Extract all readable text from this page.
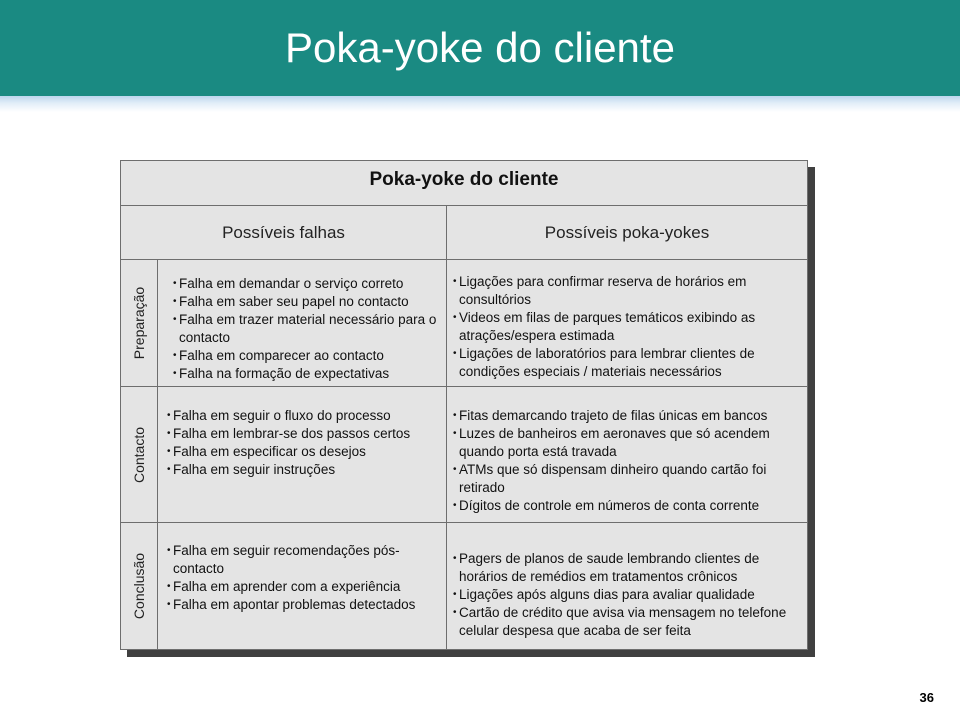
Poka-yoke do cliente
Poka-yoke do cliente
Possíveis falhas	Possíveis poka-yokes
Preparação
• Falha em demandar o serviço correto
• Falha em saber seu papel no contacto
• Falha em trazer material necessário para o contacto
• Falha em comparecer ao contacto
• Falha na formação de expectativas
• Ligações para confirmar reserva de horários em consultórios
• Videos em filas de parques temáticos exibindo as atrações/espera estimada
• Ligações de laboratórios para lembrar clientes de condições especiais / materiais necessários
Contacto
• Falha em seguir o fluxo do processo
• Falha em lembrar-se dos passos certos
• Falha em especificar os desejos
• Falha em seguir instruções
• Fitas demarcando trajeto de filas únicas em bancos
• Luzes de banheiros em aeronaves que só acendem quando porta está travada
• ATMs que só dispensam dinheiro quando cartão foi retirado
• Dígitos de controle em números de conta corrente
Conclusão
• Falha em seguir recomendações pós-contacto
• Falha em aprender com a experiência
• Falha em apontar problemas detectados
• Pagers de planos de saude lembrando clientes de horários de remédios em tratamentos crônicos
• Ligações após alguns dias para avaliar qualidade
• Cartão de crédito que avisa via mensagem no telefone celular despesa que acaba de ser feita
36
